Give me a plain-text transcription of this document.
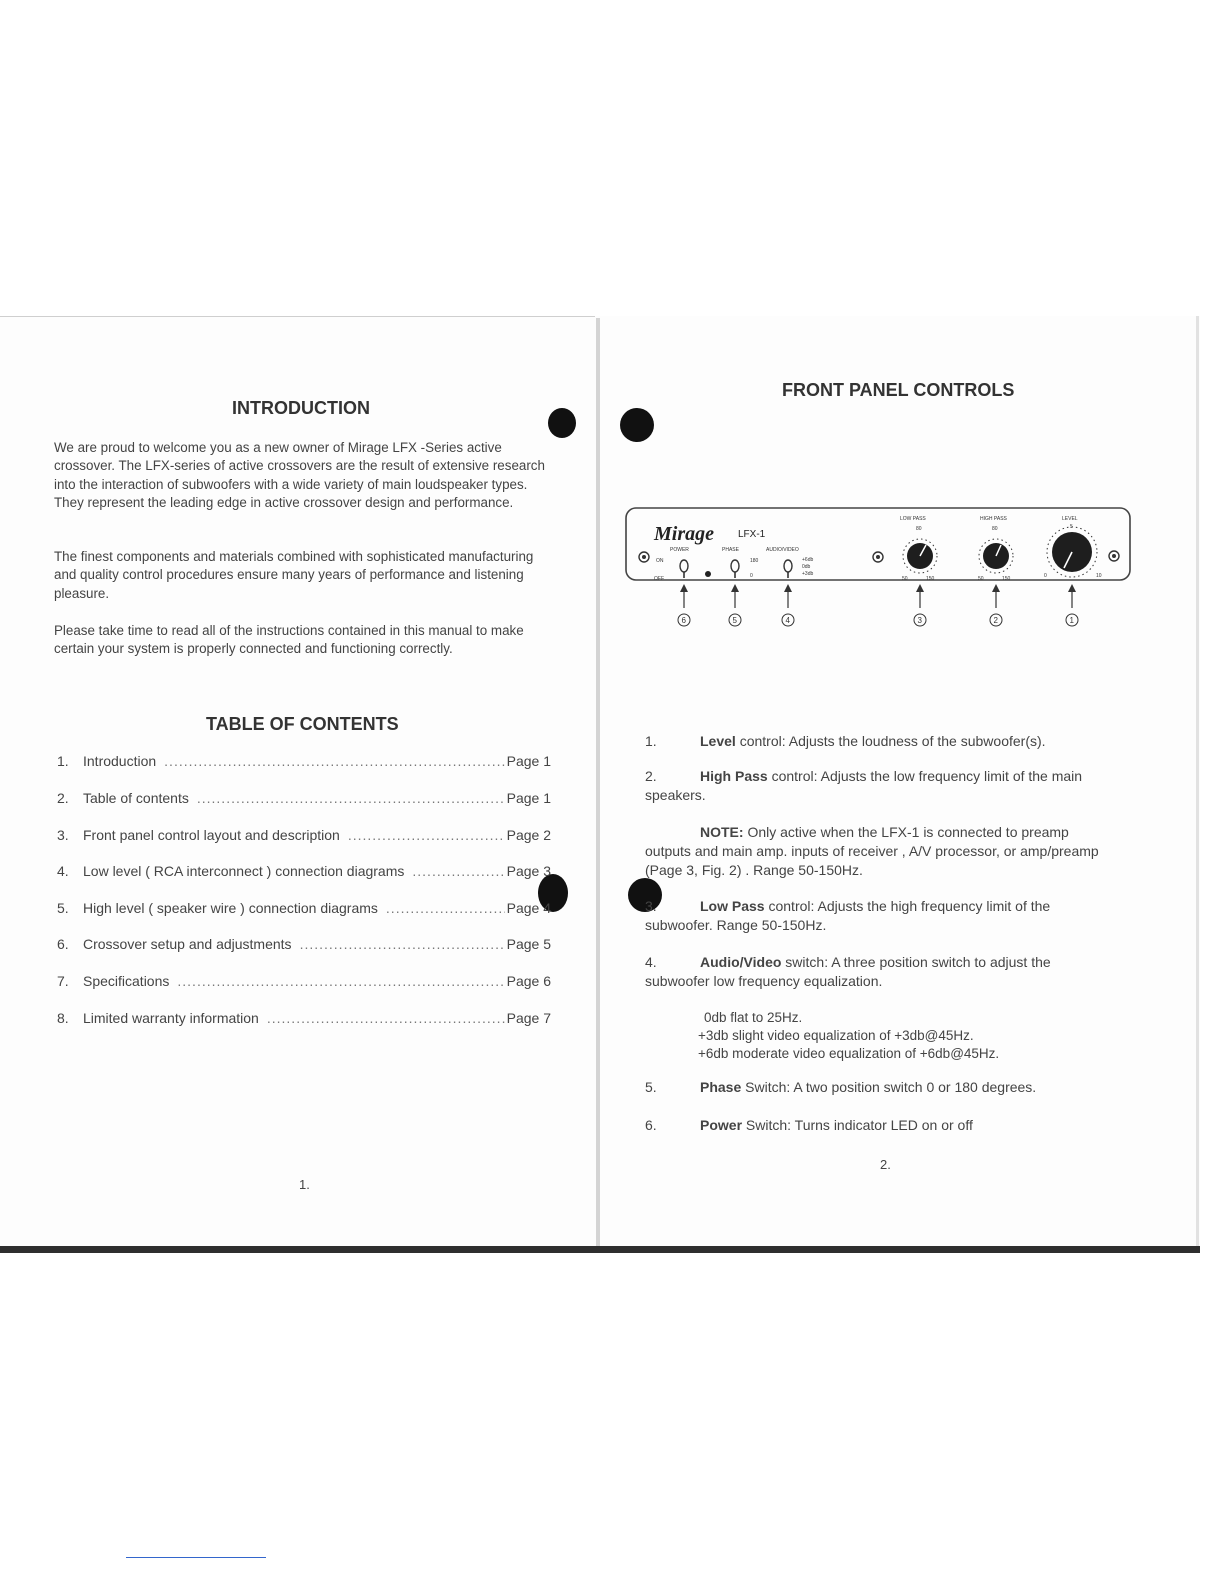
INTRODUCTION

We are proud to welcome you as a new owner of Mirage LFX -Series active crossover. The LFX-series of active crossovers are the result of extensive research into the interaction of subwoofers with a wide variety of main loudspeaker types. They represent the leading edge in active crossover design and performance.

The finest components and materials combined with sophisticated manufacturing and quality control procedures ensure many years of performance and listening pleasure.

Please take time to read all of the instructions contained in this manual to make certain your system is properly connected and functioning correctly.

TABLE OF CONTENTS
1.	Introduction .....	Page 1
2.	Table of contents .....	Page 1
3.	Front panel control layout and description .....	Page 2
4.	Low level ( RCA interconnect ) connection diagrams .....	Page 3
5.	High level ( speaker wire ) connection diagrams .....	Page 4
6.	Crossover setup and adjustments .....	Page 5
7.	Specifications .....	Page 6
8.	Limited warranty information .....	Page 7
1.
FRONT PANEL CONTROLS
Mirage LFX-1
POWER
ON
OFF
PHASE
180
0
AUDIO/VIDEO
+6db
0db
+3db
LOW PASS
80
50	150
HIGH PASS
80
50	150
LEVEL
0
5
10
6	5	4	3	2	1
1.	Level control: Adjusts the loudness of the subwoofer(s).
2.	High Pass control: Adjusts the low frequency limit of the main speakers.
NOTE: Only active when the LFX-1 is connected to preamp outputs and main amp. inputs of receiver , A/V processor, or amp/preamp (Page 3, Fig. 2) . Range 50-150Hz.
3.	Low Pass control: Adjusts the high frequency limit of the subwoofer. Range 50-150Hz.
4.	Audio/Video switch: A three position switch to adjust the subwoofer low frequency equalization.
0db flat to 25Hz.
+3db slight video equalization of +3db@45Hz.
+6db moderate video equalization of +6db@45Hz.
5.	Phase Switch: A two position switch 0 or 180 degrees.
6.	Power Switch: Turns indicator LED on or off
2.
